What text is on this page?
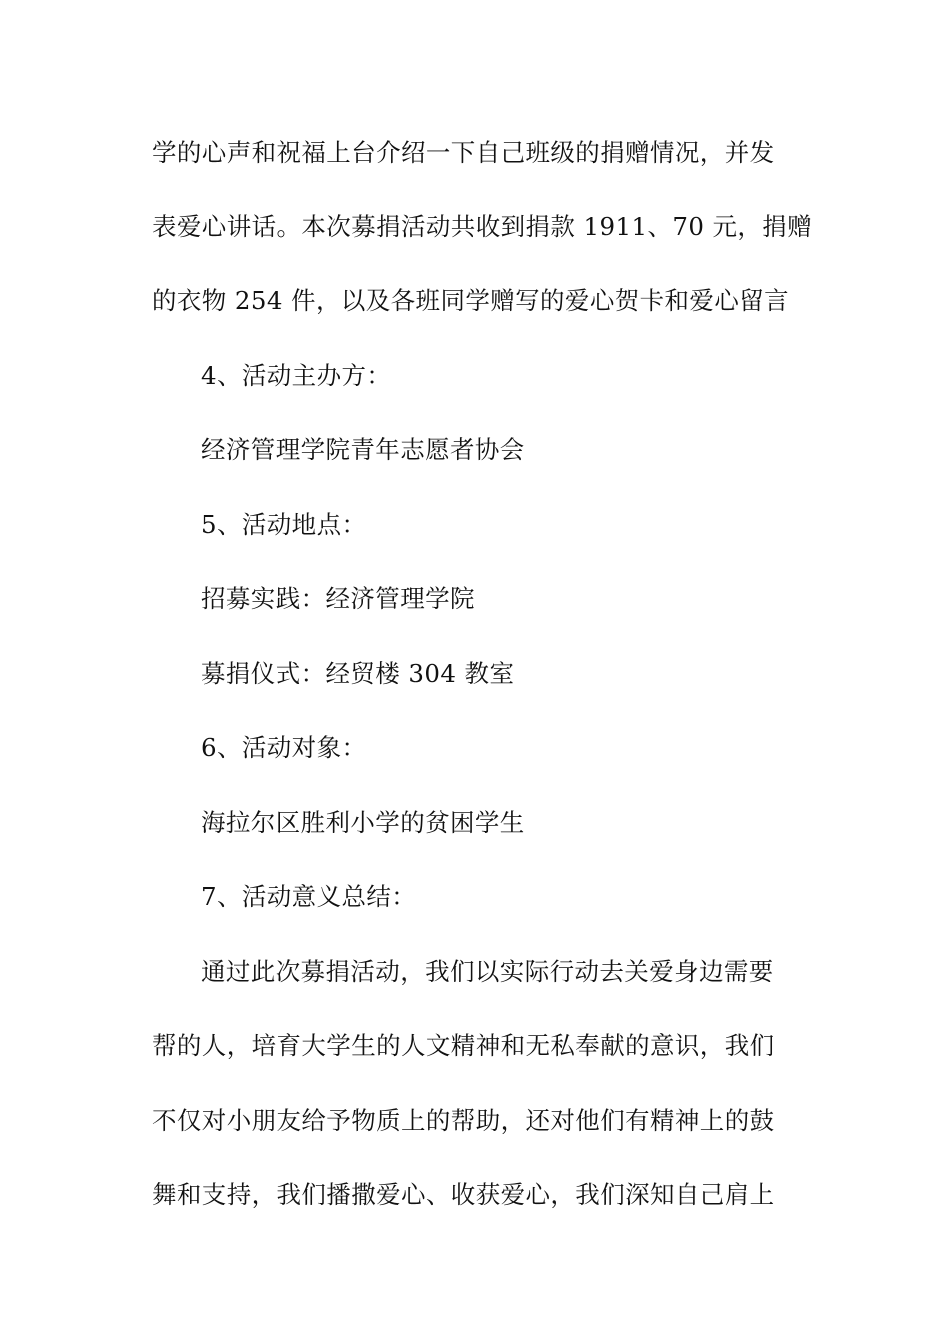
学的心声和祝福上台介绍一下自己班级的捐赠情况，并发
表爱心讲话。本次募捐活动共收到捐款 1911、70 元，捐赠
的衣物 254 件，以及各班同学赠写的爱心贺卡和爱心留言
4、活动主办方：
经济管理学院青年志愿者协会
5、活动地点：
招募实践：经济管理学院
募捐仪式：经贸楼 304 教室
6、活动对象：
海拉尔区胜利小学的贫困学生
7、活动意义总结：
通过此次募捐活动，我们以实际行动去关爱身边需要
帮的人，培育大学生的人文精神和无私奉献的意识，我们
不仅对小朋友给予物质上的帮助，还对他们有精神上的鼓
舞和支持，我们播撒爱心、收获爱心，我们深知自己肩上
